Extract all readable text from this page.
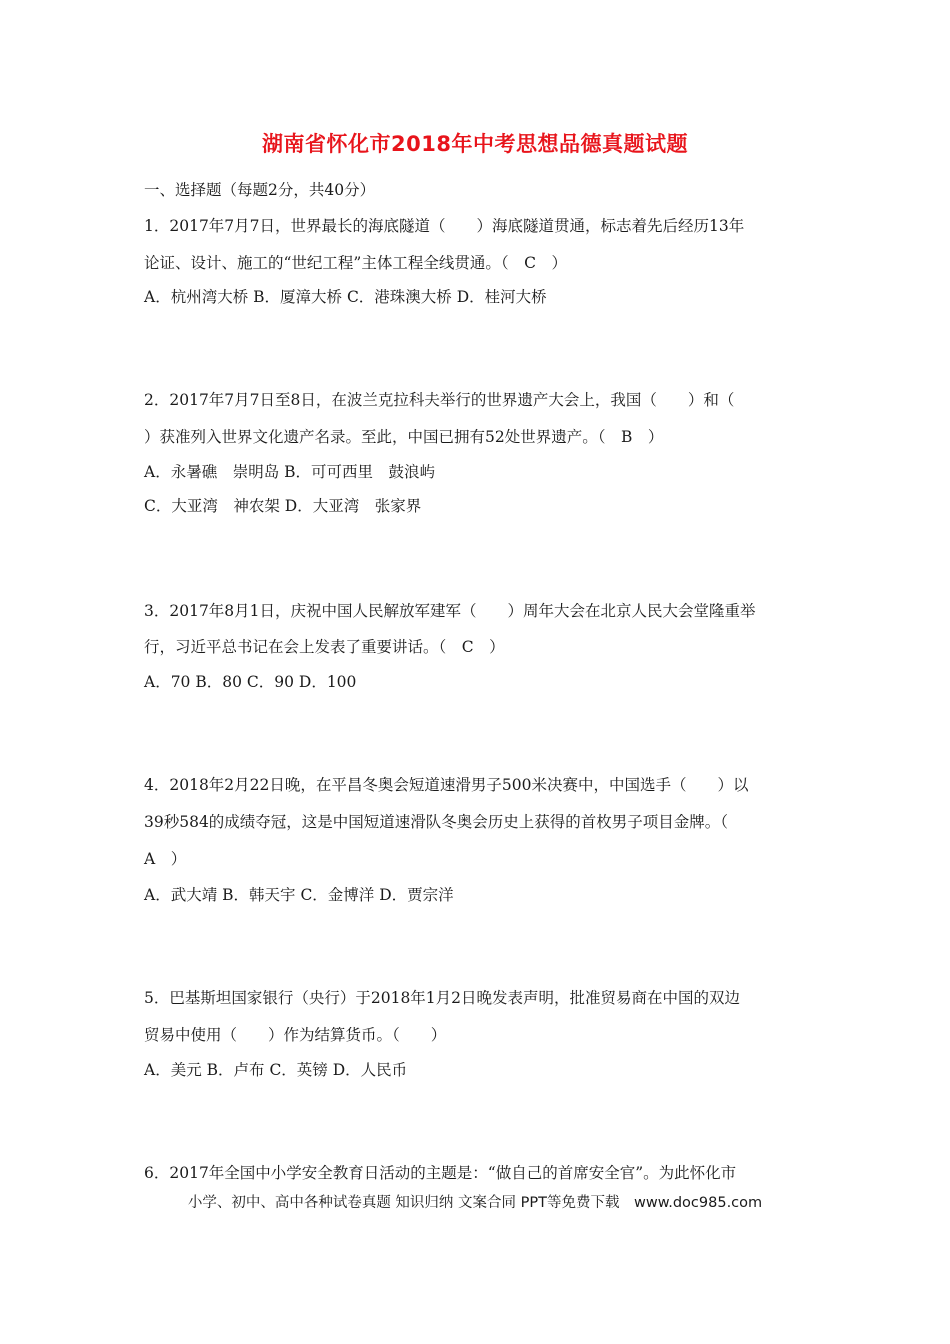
湖南省怀化市2018年中考思想品德真题试题
一、选择题（每题2分，共40分）
1．2017年7月7日，世界最长的海底隧道（　　）海底隧道贯通，标志着先后经历13年
论证、设计、施工的“世纪工程”主体工程全线贯通。（　C　）
A．杭州湾大桥 B．厦漳大桥 C．港珠澳大桥 D．桂河大桥
2．2017年7月7日至8日，在波兰克拉科夫举行的世界遗产大会上，我国（　　）和（
）获准列入世界文化遗产名录。至此，中国已拥有52处世界遗产。（　B　）
A．永暑礁　崇明岛 B．可可西里　鼓浪屿
C．大亚湾　神农架 D．大亚湾　张家界
3．2017年8月1日，庆祝中国人民解放军建军（　　）周年大会在北京人民大会堂隆重举
行，习近平总书记在会上发表了重要讲话。（　C　）
A．70 B．80 C．90 D．100
4．2018年2月22日晚，在平昌冬奥会短道速滑男子500米决赛中，中国选手（　　）以
39秒584的成绩夺冠，这是中国短道速滑队冬奥会历史上获得的首枚男子项目金牌。（
A　）
A．武大靖 B．韩天宇 C．金博洋 D．贾宗洋
5．巴基斯坦国家银行（央行）于2018年1月2日晚发表声明，批准贸易商在中国的双边
贸易中使用（　　）作为结算货币。（　　）
A．美元 B．卢布 C．英镑 D．人民币
6．2017年全国中小学安全教育日活动的主题是：“做自己的首席安全官”。为此怀化市
小学、初中、高中各种试卷真题 知识归纳 文案合同 PPT等免费下载　www.doc985.com
